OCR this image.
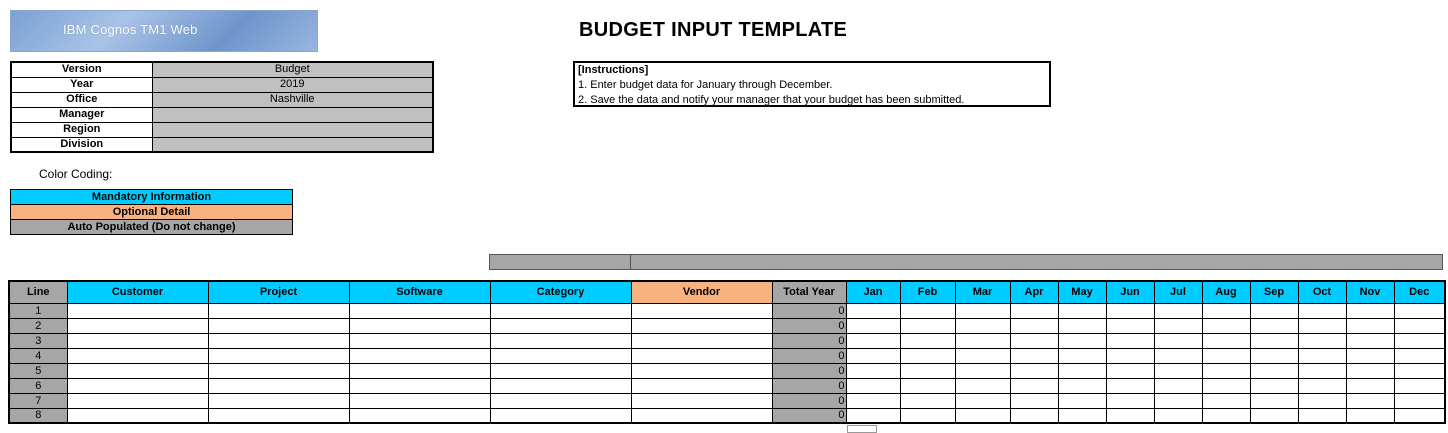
IBM Cognos TM1 Web	BUDGET INPUT TEMPLATE
Version	Budget
Year	2019
Office	Nashville
Manager	
Region	
Division	
[Instructions]
1. Enter budget data for January through December.
2. Save the data and notify your manager that your budget has been submitted.
Color Coding:
Mandatory Information
Optional Detail
Auto Populated (Do not change)
Line	Customer	Project	Software	Category	Vendor	Total Year	Jan	Feb	Mar	Apr	May	Jun	Jul	Aug	Sep	Oct	Nov	Dec
1						0												
2						0												
3						0												
4						0												
5						0												
6						0												
7						0												
8						0												
